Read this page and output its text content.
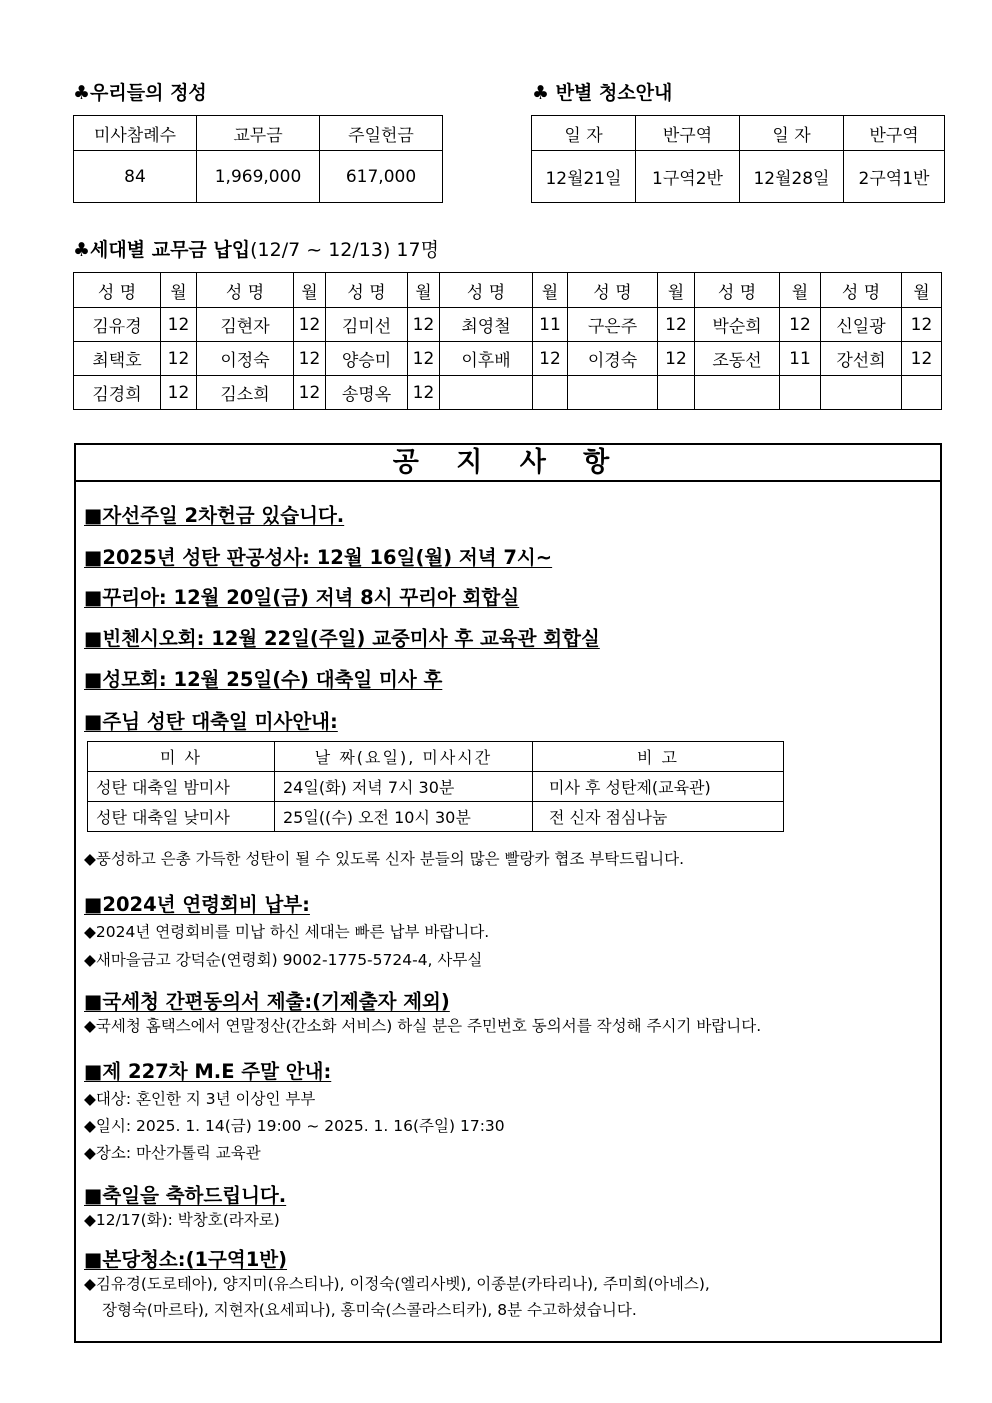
♣우리들의 정성
미사참례수	교무금	주일헌금
84	1,969,000	617,000
♣ 반별 청소안내
일 자	반구역	일 자	반구역
12월21일	1구역2반	12월28일	2구역1반
♣세대별 교무금 납입(12/7 ~ 12/13) 17명
성 명	월	성 명	월	성 명	월	성 명	월	성 명	월	성 명	월	성 명	월
김유경	12	김현자	12	김미선	12	최영철	11	구은주	12	박순희	12	신일광	12
최택호	12	이정숙	12	양승미	12	이후배	12	이경숙	12	조동선	11	강선희	12
김경희	12	김소희	12	송명옥	12								
공 지 사 항
■자선주일 2차헌금 있습니다.
■2025년 성탄 판공성사: 12월 16일(월) 저녁 7시~
■꾸리아: 12월 20일(금) 저녁 8시 꾸리아 회합실
■빈첸시오회: 12월 22일(주일) 교중미사 후 교육관 회합실
■성모회: 12월 25일(수) 대축일 미사 후
■주님 성탄 대축일 미사안내:
미 사	날 짜(요일), 미사시간	비 고
성탄 대축일 밤미사	24일(화) 저녁 7시 30분	미사 후 성탄제(교육관)
성탄 대축일 낮미사	25일((수) 오전 10시 30분	전 신자 점심나눔
◆풍성하고 은총 가득한 성탄이 될 수 있도록 신자 분들의 많은 빨랑카 협조 부탁드립니다.
■2024년 연령회비 납부:
◆2024년 연령회비를 미납 하신 세대는 빠른 납부 바랍니다.
◆새마을금고 강덕순(연령회) 9002-1775-5724-4, 사무실
■국세청 간편동의서 제출:(기제출자 제외)
◆국세청 홈택스에서 연말정산(간소화 서비스) 하실 분은 주민번호 동의서를 작성해 주시기 바랍니다.
■제 227차 M.E 주말 안내:
◆대상: 혼인한 지 3년 이상인 부부
◆일시: 2025. 1. 14(금) 19:00 ~ 2025. 1. 16(주일) 17:30
◆장소: 마산가톨릭 교육관
■축일을 축하드립니다.
◆12/17(화): 박창호(라자로)
■본당청소:(1구역1반)
◆김유경(도로테아), 양지미(유스티나), 이정숙(엘리사벳), 이종분(카타리나), 주미희(아네스),
장형숙(마르타), 지현자(요세피나), 홍미숙(스콜라스티카), 8분 수고하셨습니다.
